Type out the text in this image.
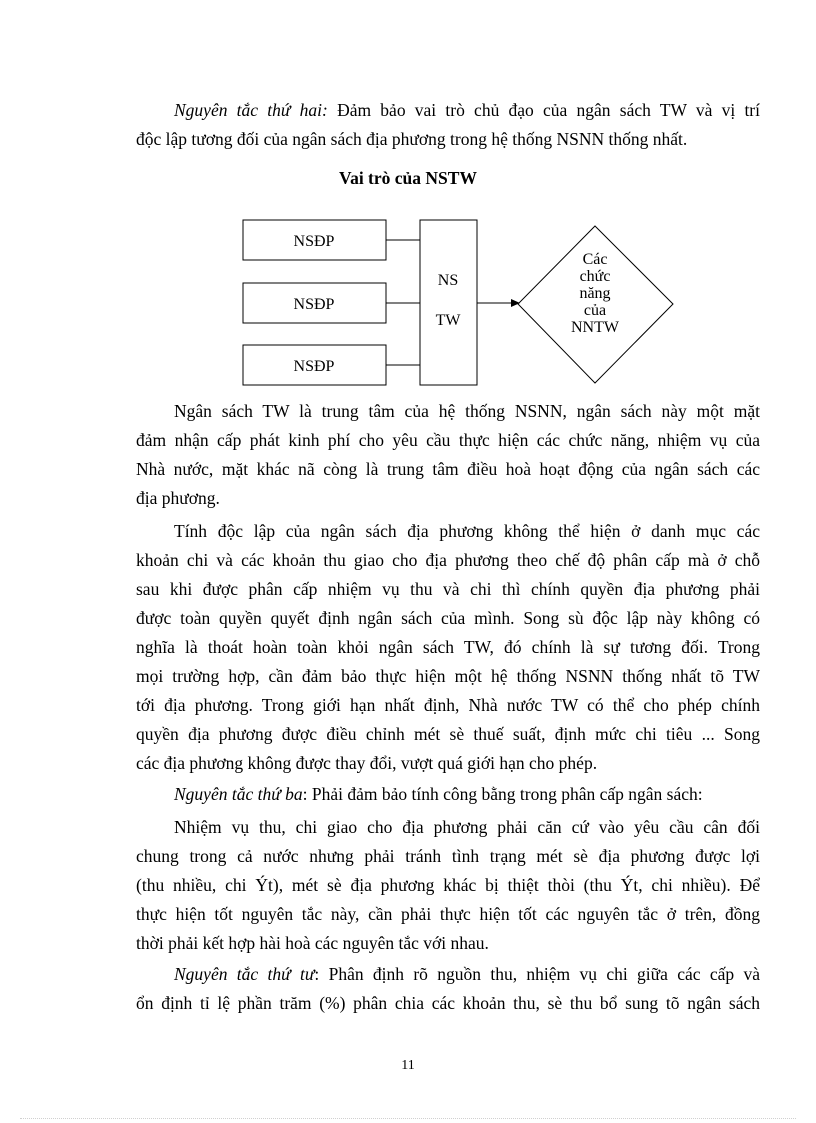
Nguyên tắc thứ hai: Đảm bảo vai trò chủ đạo của ngân sách TW và vị trí
độc lập tương đối của ngân sách địa phương trong hệ thống NSNN thống nhất.

Vai trò của NSTW
NSĐP
NSĐP
NSĐP
NS
TW
Các
chức
năng
của
NNTW

Ngân sách TW là trung tâm của hệ thống NSNN, ngân sách này một mặt
đảm nhận cấp phát kinh phí cho yêu cầu thực hiện các chức năng, nhiệm vụ của
Nhà nước, mặt khác nã còng là trung tâm điều hoà hoạt động của ngân sách các
địa phương.

Tính độc lập của ngân sách địa phương không thể hiện ở danh mục các
khoản chi và các khoản thu giao cho địa phương theo chế độ phân cấp mà ở chỗ
sau khi được phân cấp nhiệm vụ thu và chi thì chính quyền địa phương phải
được toàn quyền quyết định ngân sách của mình. Song sù độc lập này không có
nghĩa là thoát hoàn toàn khỏi ngân sách TW, đó chính là sự tương đối. Trong
mọi trường hợp, cần đảm bảo thực hiện một hệ thống NSNN thống nhất tõ TW
tới địa phương. Trong giới hạn nhất định, Nhà nước TW có thể cho phép chính
quyền địa phương được điều chỉnh mét sè thuế suất, định mức chi tiêu ... Song
các địa phương không được thay đổi, vượt quá giới hạn cho phép.

Nguyên tắc thứ ba: Phải đảm bảo tính công bằng trong phân cấp ngân sách:

Nhiệm vụ thu, chi giao cho địa phương phải căn cứ vào yêu cầu cân đối
chung trong cả nước nhưng phải tránh tình trạng mét sè địa phương được lợi
(thu nhiều, chi Ýt), mét sè địa phương khác bị thiệt thòi (thu Ýt, chi nhiều). Để
thực hiện tốt nguyên tắc này, cần phải thực hiện tốt các nguyên tắc ở trên, đồng
thời phải kết hợp hài hoà các nguyên tắc với nhau.

Nguyên tắc thứ tư: Phân định rõ nguồn thu, nhiệm vụ chi giữa các cấp và
ổn định tỉ lệ phần trăm (%) phân chia các khoản thu, sè thu bổ sung tõ ngân sách

11
